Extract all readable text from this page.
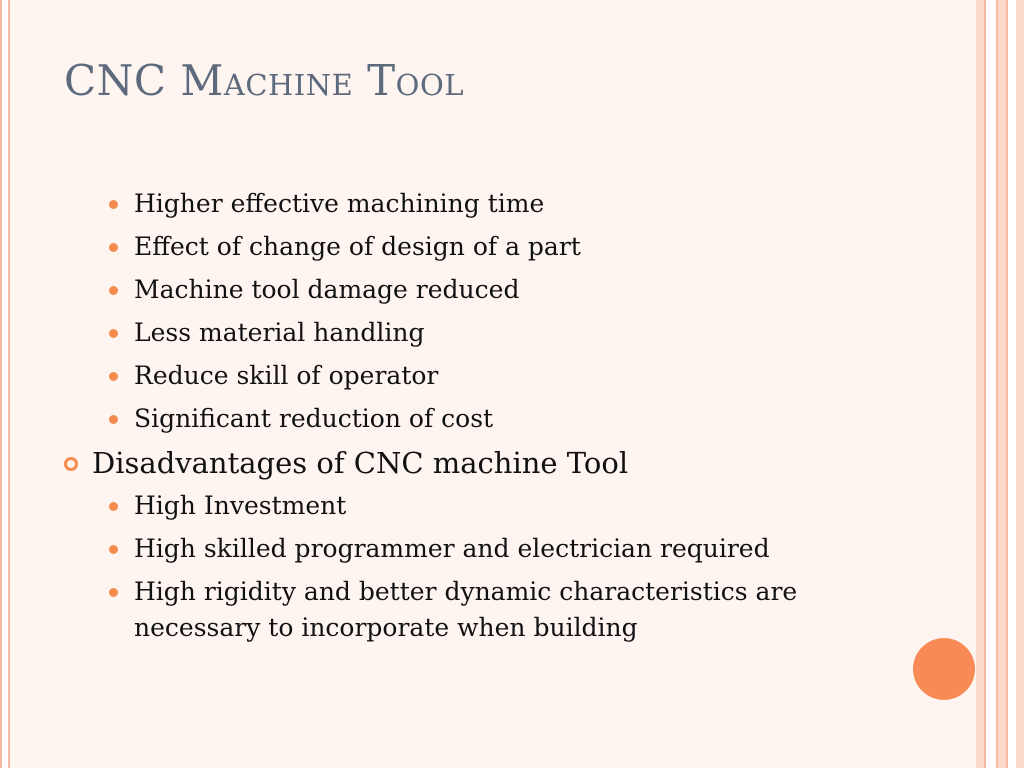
CNC Machine Tool
Higher effective machining time
Effect of change of design of a part
Machine tool damage reduced
Less material handling
Reduce skill of operator
Significant reduction of cost
Disadvantages of CNC machine Tool
High Investment
High skilled programmer and electrician required
High rigidity and better dynamic characteristics are necessary to incorporate when building
